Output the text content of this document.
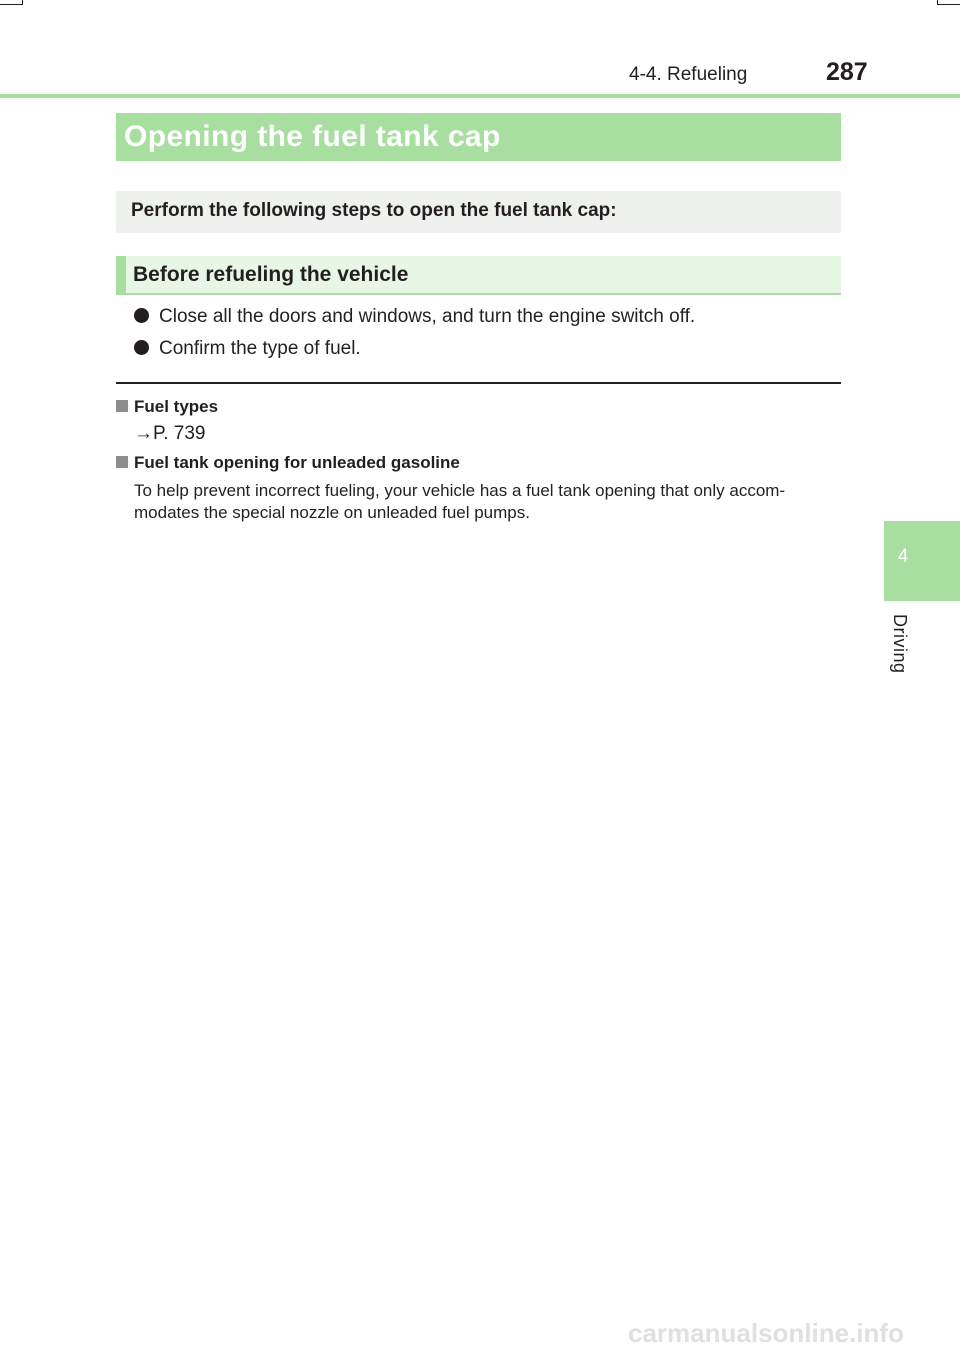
4-4. Refueling	287
4
Driving
Opening the fuel tank cap
Perform the following steps to open the fuel tank cap:
Before refueling the vehicle
Close all the doors and windows, and turn the engine switch off.
Confirm the type of fuel.
Fuel types
→P. 739
Fuel tank opening for unleaded gasoline
To help prevent incorrect fueling, your vehicle has a fuel tank opening that only accom-modates the special nozzle on unleaded fuel pumps.
carmanualsonline.info
